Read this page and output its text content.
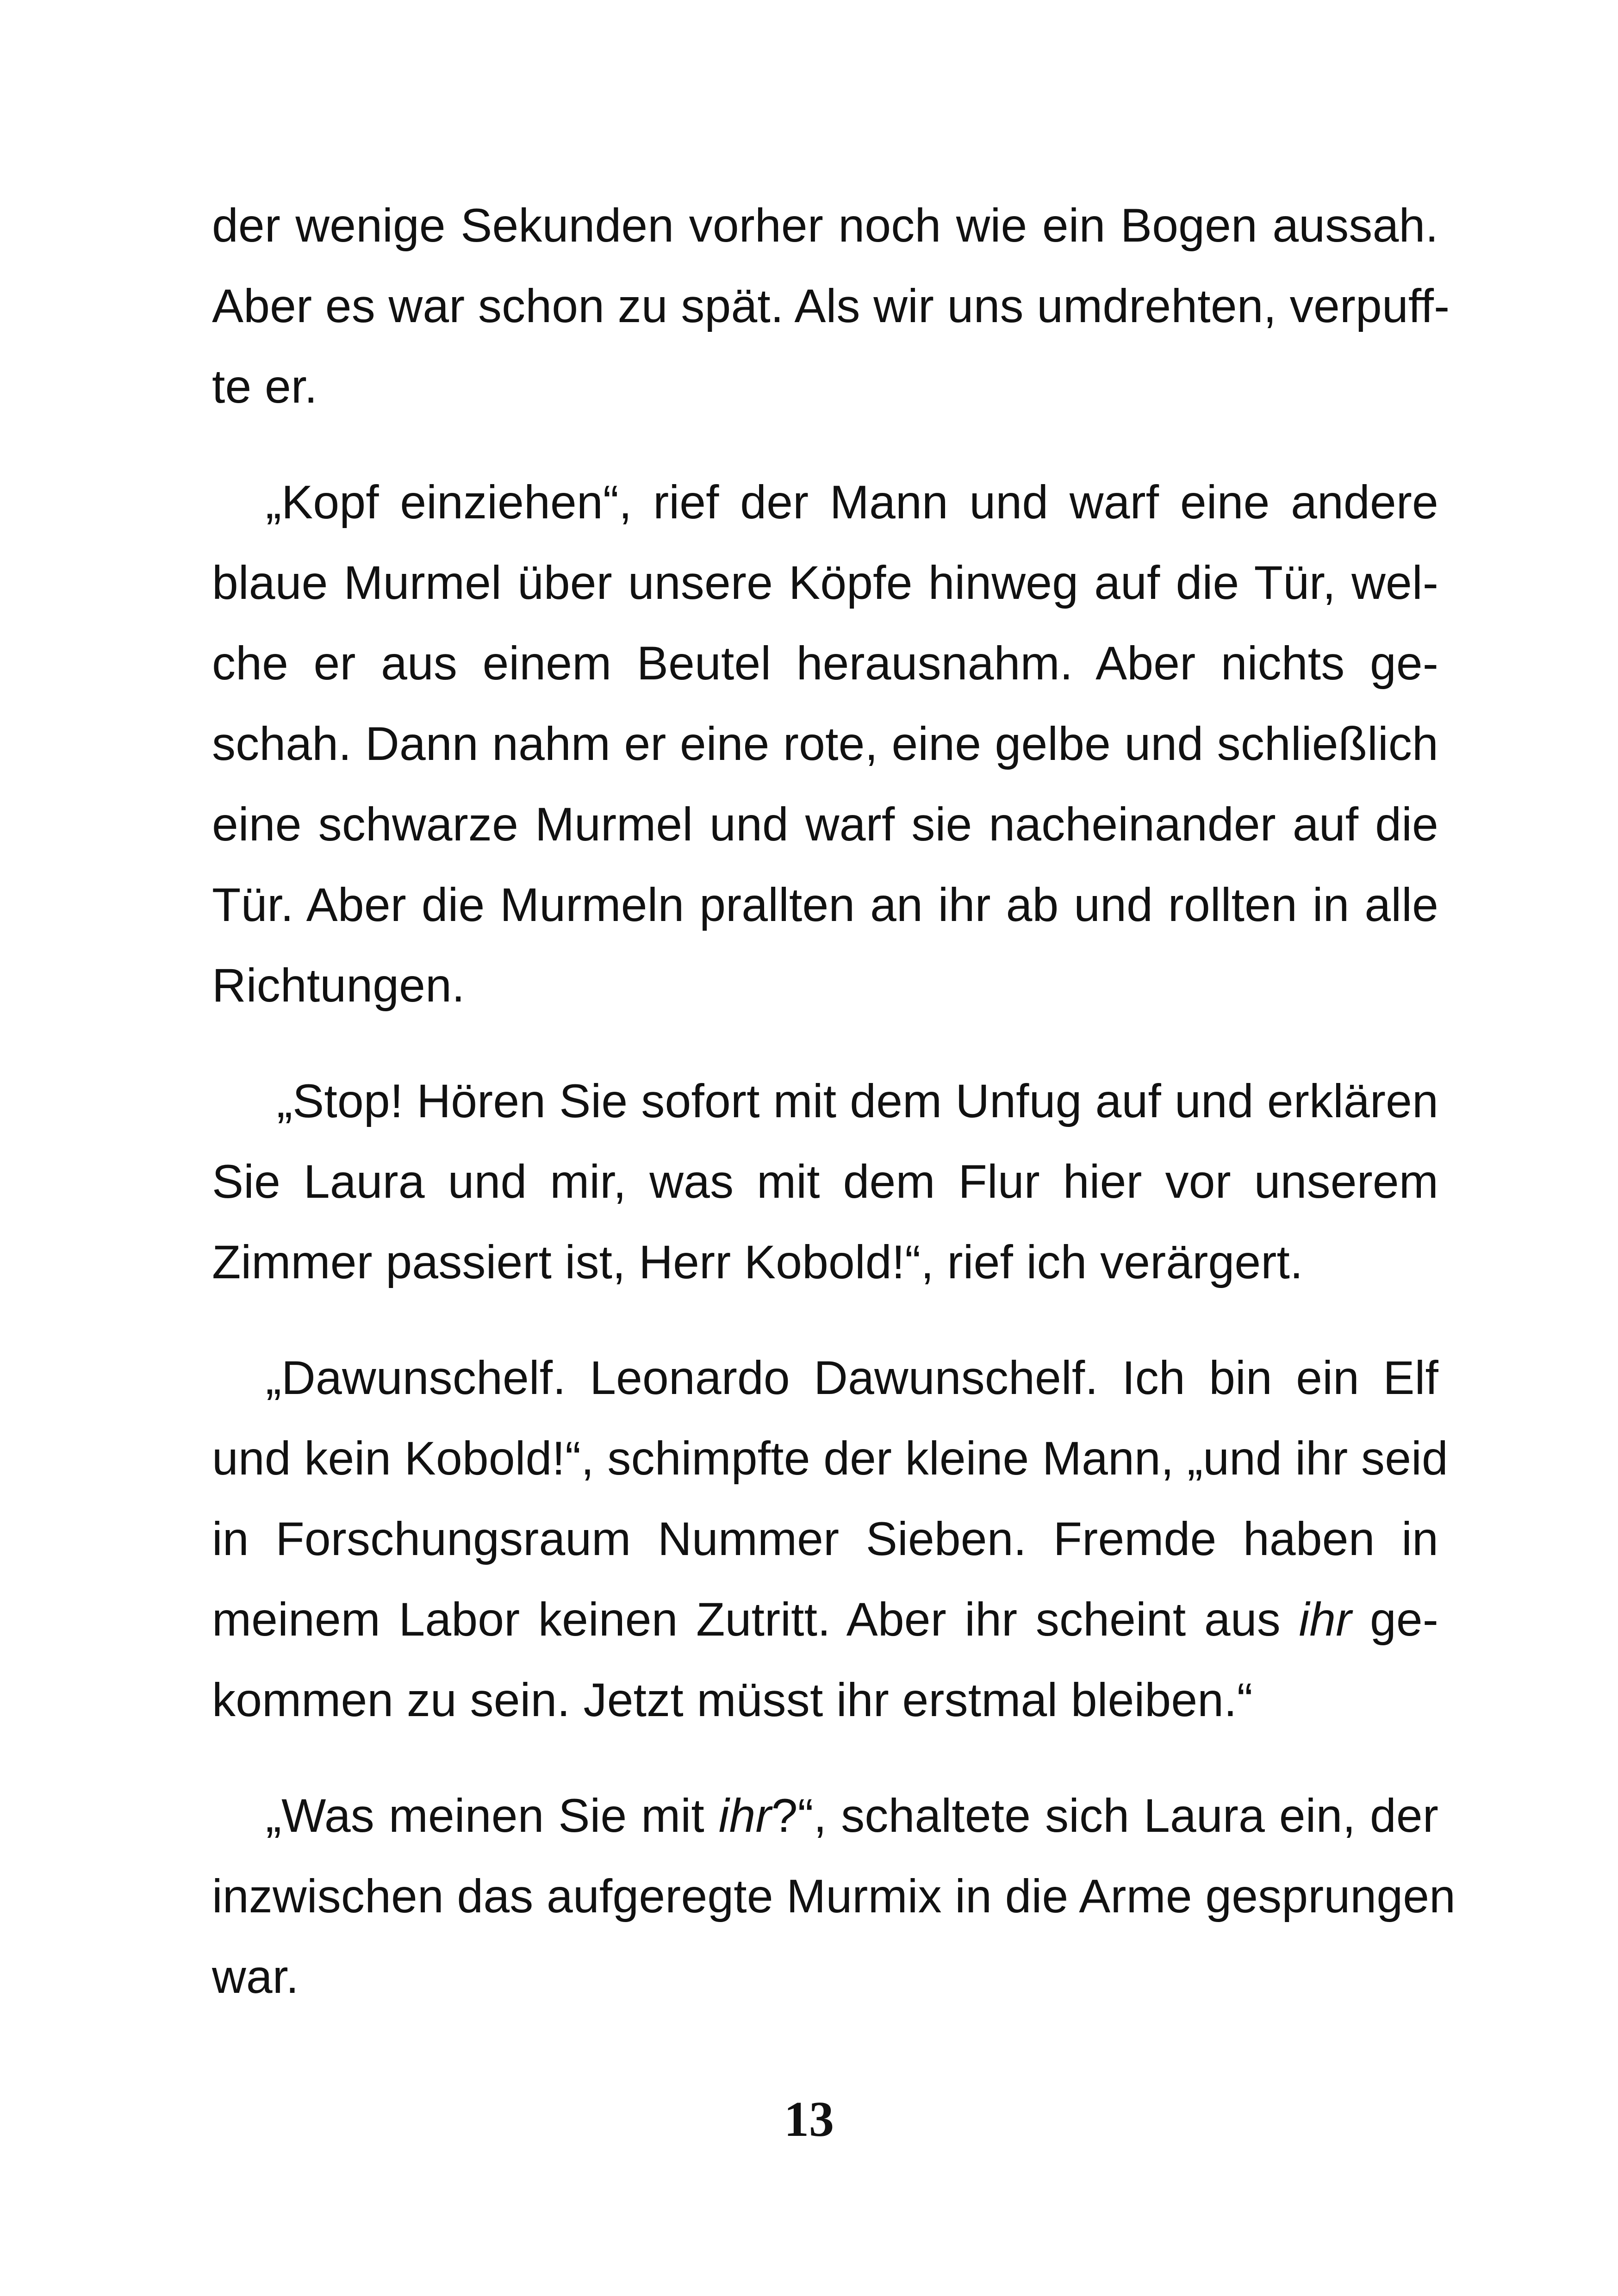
der wenige Sekunden vorher noch wie ein Bogen aussah.
Aber es war schon zu spät. Als wir uns umdrehten, verpuff-
te er.

„Kopf einziehen“, rief der Mann und warf eine andere
blaue Murmel über unsere Köpfe hinweg auf die Tür, wel-
che er aus einem Beutel herausnahm. Aber nichts ge-
schah. Dann nahm er eine rote, eine gelbe und schließlich
eine schwarze Murmel und warf sie nacheinander auf die
Tür. Aber die Murmeln prallten an ihr ab und rollten in alle
Richtungen.

„Stop! Hören Sie sofort mit dem Unfug auf und erklären
Sie Laura und mir, was mit dem Flur hier vor unserem
Zimmer passiert ist, Herr Kobold!“, rief ich verärgert.

„Dawunschelf. Leonardo Dawunschelf. Ich bin ein Elf
und kein Kobold!“, schimpfte der kleine Mann, „und ihr seid
in Forschungsraum Nummer Sieben. Fremde haben in
meinem Labor keinen Zutritt. Aber ihr scheint aus ihr ge-
kommen zu sein. Jetzt müsst ihr erstmal bleiben.“

„Was meinen Sie mit ihr?“, schaltete sich Laura ein, der
inzwischen das aufgeregte Murmix in die Arme gesprungen
war.

13
